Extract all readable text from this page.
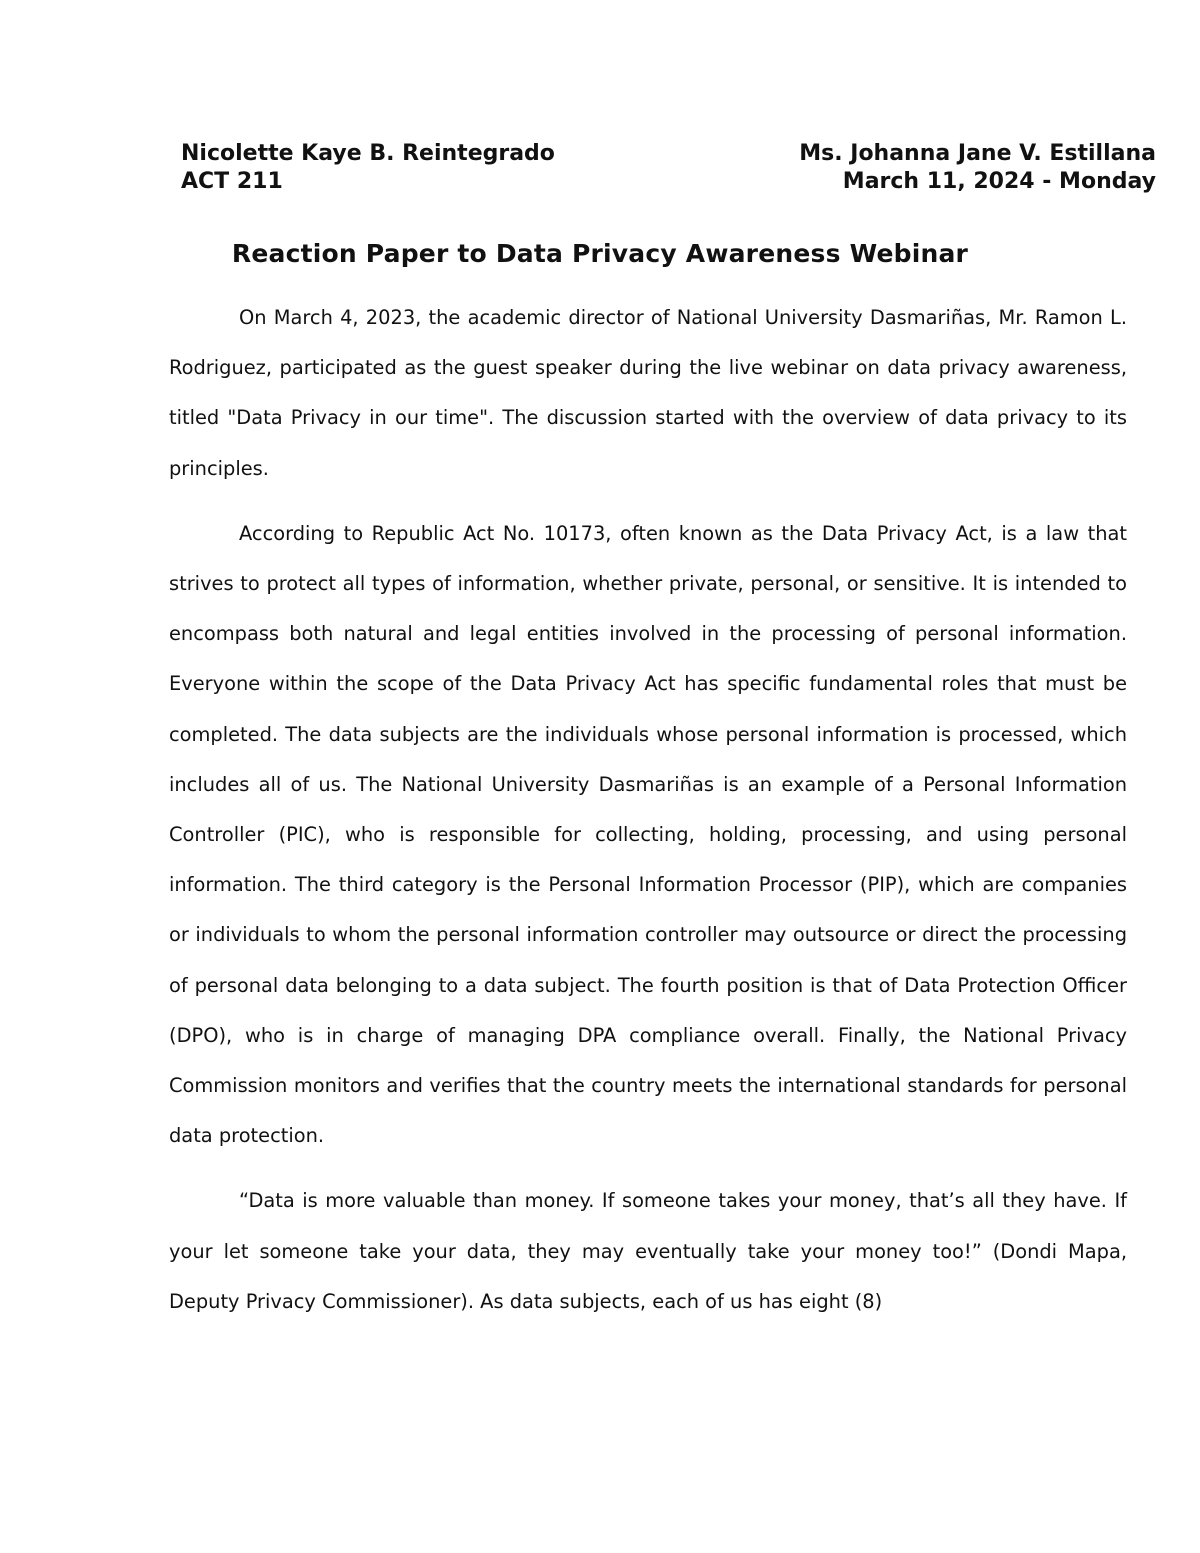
Nicolette Kaye B. Reintegrado	Ms. Johanna Jane V. Estillana
ACT 211	March 11, 2024 - Monday
Reaction Paper to Data Privacy Awareness Webinar

On March 4, 2023, the academic director of National University Dasmariñas, Mr. Ramon L. Rodriguez, participated as the guest speaker during the live webinar on data privacy awareness, titled "Data Privacy in our time". The discussion started with the overview of data privacy to its principles.

According to Republic Act No. 10173, often known as the Data Privacy Act, is a law that strives to protect all types of information, whether private, personal, or sensitive. It is intended to encompass both natural and legal entities involved in the processing of personal information. Everyone within the scope of the Data Privacy Act has specific fundamental roles that must be completed. The data subjects are the individuals whose personal information is processed, which includes all of us. The National University Dasmariñas is an example of a Personal Information Controller (PIC), who is responsible for collecting, holding, processing, and using personal information. The third category is the Personal Information Processor (PIP), which are companies or individuals to whom the personal information controller may outsource or direct the processing of personal data belonging to a data subject. The fourth position is that of Data Protection Officer (DPO), who is in charge of managing DPA compliance overall. Finally, the National Privacy Commission monitors and verifies that the country meets the international standards for personal data protection.

“Data is more valuable than money. If someone takes your money, that’s all they have. If your let someone take your data, they may eventually take your money too!” (Dondi Mapa, Deputy Privacy Commissioner). As data subjects, each of us has eight (8)
